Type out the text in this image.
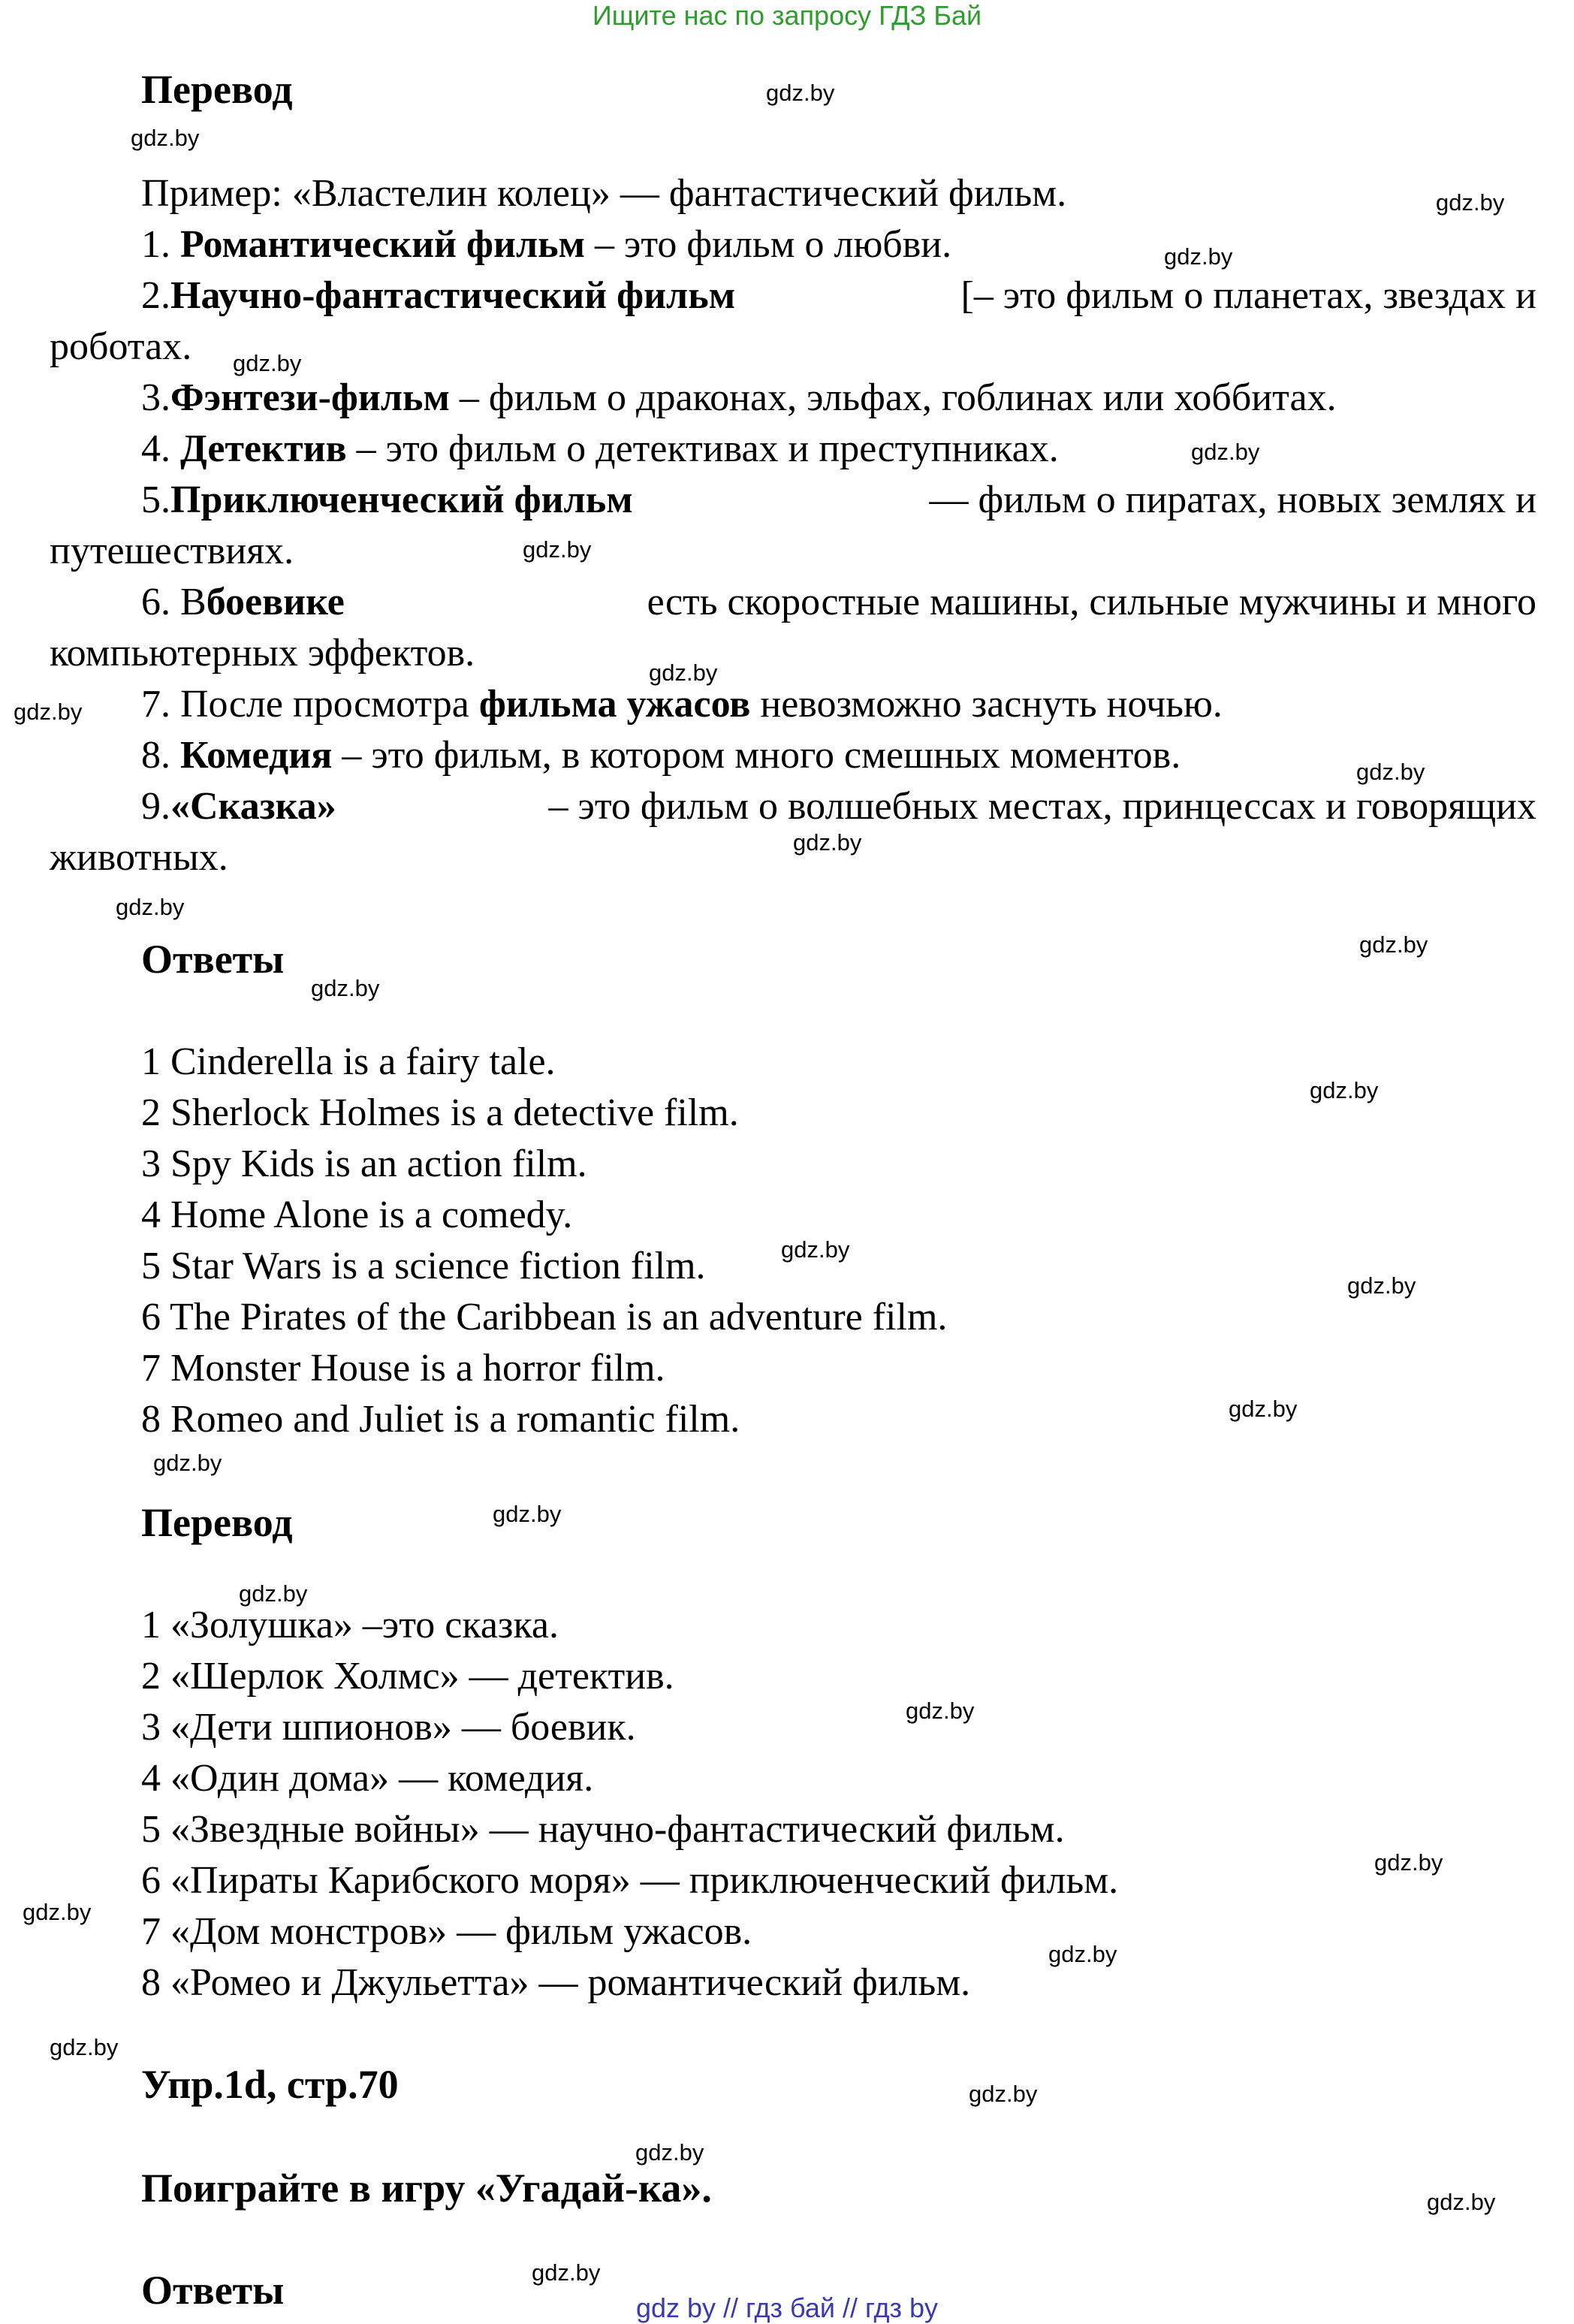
Ищите нас по запросу ГДЗ Бай
Перевод
Пример: «Властелин колец» — фантастический фильм.
1. Романтический фильм – это фильм о любви.
2.Научно-фантастический фильм	[– это фильм о планетах, звездах и
роботах.
3.Фэнтези-фильм – фильм о драконах, эльфах, гоблинах или хоббитах.
4. Детектив – это фильм о детективах и преступниках.
5.Приключенческий фильм	— фильм о пиратах, новых землях и
путешествиях.
6. Вбоевике	есть скоростные машины, сильные мужчины и много
компьютерных эффектов.
7. После просмотра фильма ужасов невозможно заснуть ночью.
8. Комедия – это фильм, в котором много смешных моментов.
9.«Сказка»	– это фильм о волшебных местах, принцессах и говорящих
животных.
Ответы
1 Cinderella is a fairy tale.
2 Sherlock Holmes is a detective film.
3 Spy Kids is an action film.
4 Home Alone is a comedy.
5 Star Wars is a science fiction film.
6 The Pirates of the Caribbean is an adventure film.
7 Monster House is a horror film.
8 Romeo and Juliet is a romantic film.
Перевод
1 «Золушка» –это сказка.
2 «Шерлок Холмс» — детектив.
3 «Дети шпионов» — боевик.
4 «Один дома» — комедия.
5 «Звездные войны» — научно-фантастический фильм.
6 «Пираты Карибского моря» — приключенческий фильм.
7 «Дом монстров» — фильм ужасов.
8 «Ромео и Джульетта» — романтический фильм.
Упр.1d, стр.70
Поиграйте в игру «Угадай-ка».
Ответы	gdz by // гдз бай // гдз by
gdz.by
gdz.by
gdz.by
gdz.by
gdz.by
gdz.by
gdz.by
gdz.by
gdz.by
gdz.by
gdz.by
gdz.by
gdz.by
gdz.by
gdz.by
gdz.by
gdz.by
gdz.by
gdz.by
gdz.by
gdz.by
gdz.by
gdz.by
gdz.by
gdz.by
gdz.by
gdz.by
gdz.by
gdz.by
gdz.by
